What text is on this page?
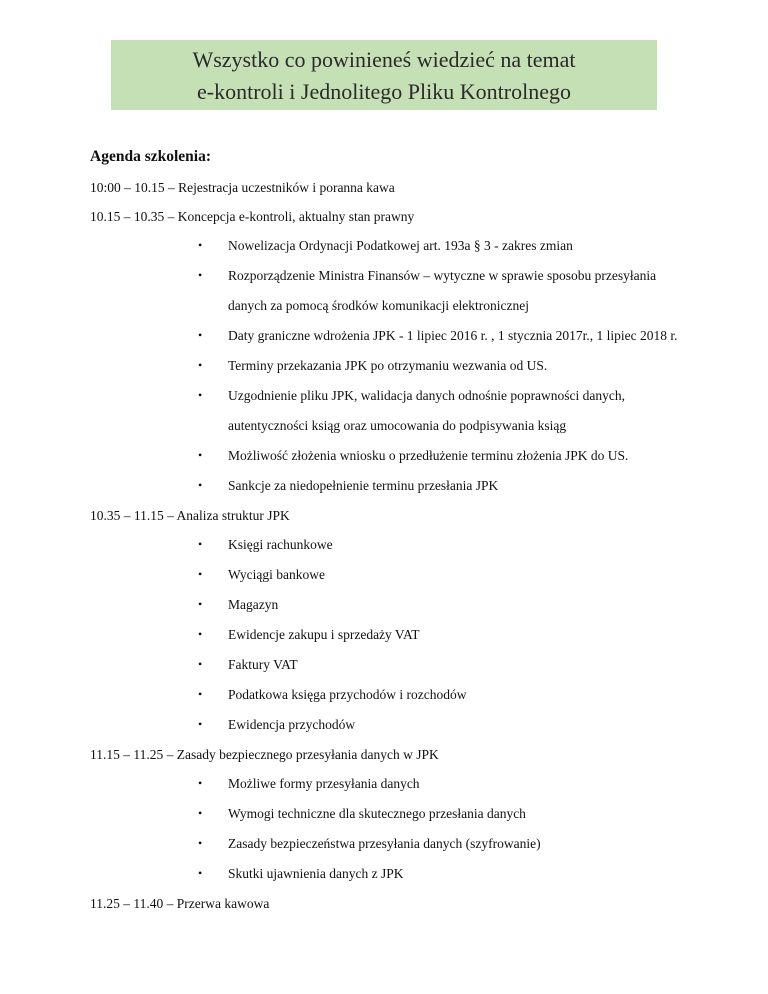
Wszystko co powinieneś wiedzieć na temat
e-kontroli i Jednolitego Pliku Kontrolnego
Agenda szkolenia:
10:00 – 10.15 – Rejestracja uczestników i poranna kawa
10.15 – 10.35 – Koncepcja e-kontroli, aktualny stan prawny
• Nowelizacja Ordynacji Podatkowej art. 193a § 3 - zakres zmian
• Rozporządzenie Ministra Finansów – wytyczne w sprawie sposobu przesyłania
danych za pomocą środków komunikacji elektronicznej
• Daty graniczne wdrożenia JPK - 1 lipiec 2016 r. , 1 stycznia 2017r., 1 lipiec 2018 r.
• Terminy przekazania JPK po otrzymaniu wezwania od US.
• Uzgodnienie pliku JPK, walidacja danych odnośnie poprawności danych,
autentyczności ksiąg oraz umocowania do podpisywania ksiąg
• Możliwość złożenia wniosku o przedłużenie terminu złożenia JPK do US.
• Sankcje za niedopełnienie terminu przesłania JPK
10.35 – 11.15 – Analiza struktur JPK
• Księgi rachunkowe
• Wyciągi bankowe
• Magazyn
• Ewidencje zakupu i sprzedaży VAT
• Faktury VAT
• Podatkowa księga przychodów i rozchodów
• Ewidencja przychodów
11.15 – 11.25 – Zasady bezpiecznego przesyłania danych w JPK
• Możliwe formy przesyłania danych
• Wymogi techniczne dla skutecznego przesłania danych
• Zasady bezpieczeństwa przesyłania danych (szyfrowanie)
• Skutki ujawnienia danych z JPK
11.25 – 11.40 – Przerwa kawowa
